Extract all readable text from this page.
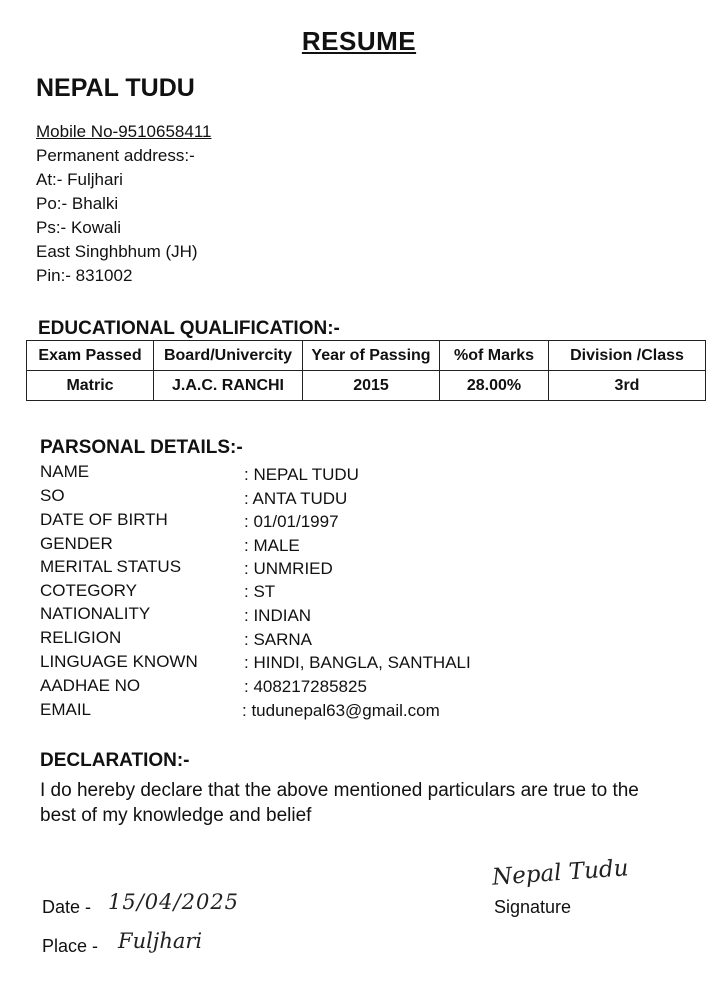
RESUME
NEPAL TUDU
Mobile No-9510658411
Permanent address:-
At:- Fuljhari
Po:- Bhalki
Ps:- Kowali
East Singhbhum (JH)
Pin:- 831002
EDUCATIONAL QUALIFICATION:-
Exam Passed	Board/Univercity	Year of Passing	%of Marks	Division /Class
Matric	J.A.C. RANCHI	2015	28.00%	3rd
PARSONAL DETAILS:-
NAME	: NEPAL TUDU
SO	: ANTA TUDU
DATE OF BIRTH	: 01/01/1997
GENDER	: MALE
MERITAL STATUS	: UNMRIED
COTEGORY	: ST
NATIONALITY	: INDIAN
RELIGION	: SARNA
LINGUAGE KNOWN	: HINDI, BANGLA, SANTHALI
AADHAE NO	: 408217285825
EMAIL	: tudunepal63@gmail.com
DECLARATION:-
I do hereby declare that the above mentioned particulars are true to the best of my knowledge and belief
Date - 15/04/2025
Place - Fuljhari
Nepal Tudu
Signature
